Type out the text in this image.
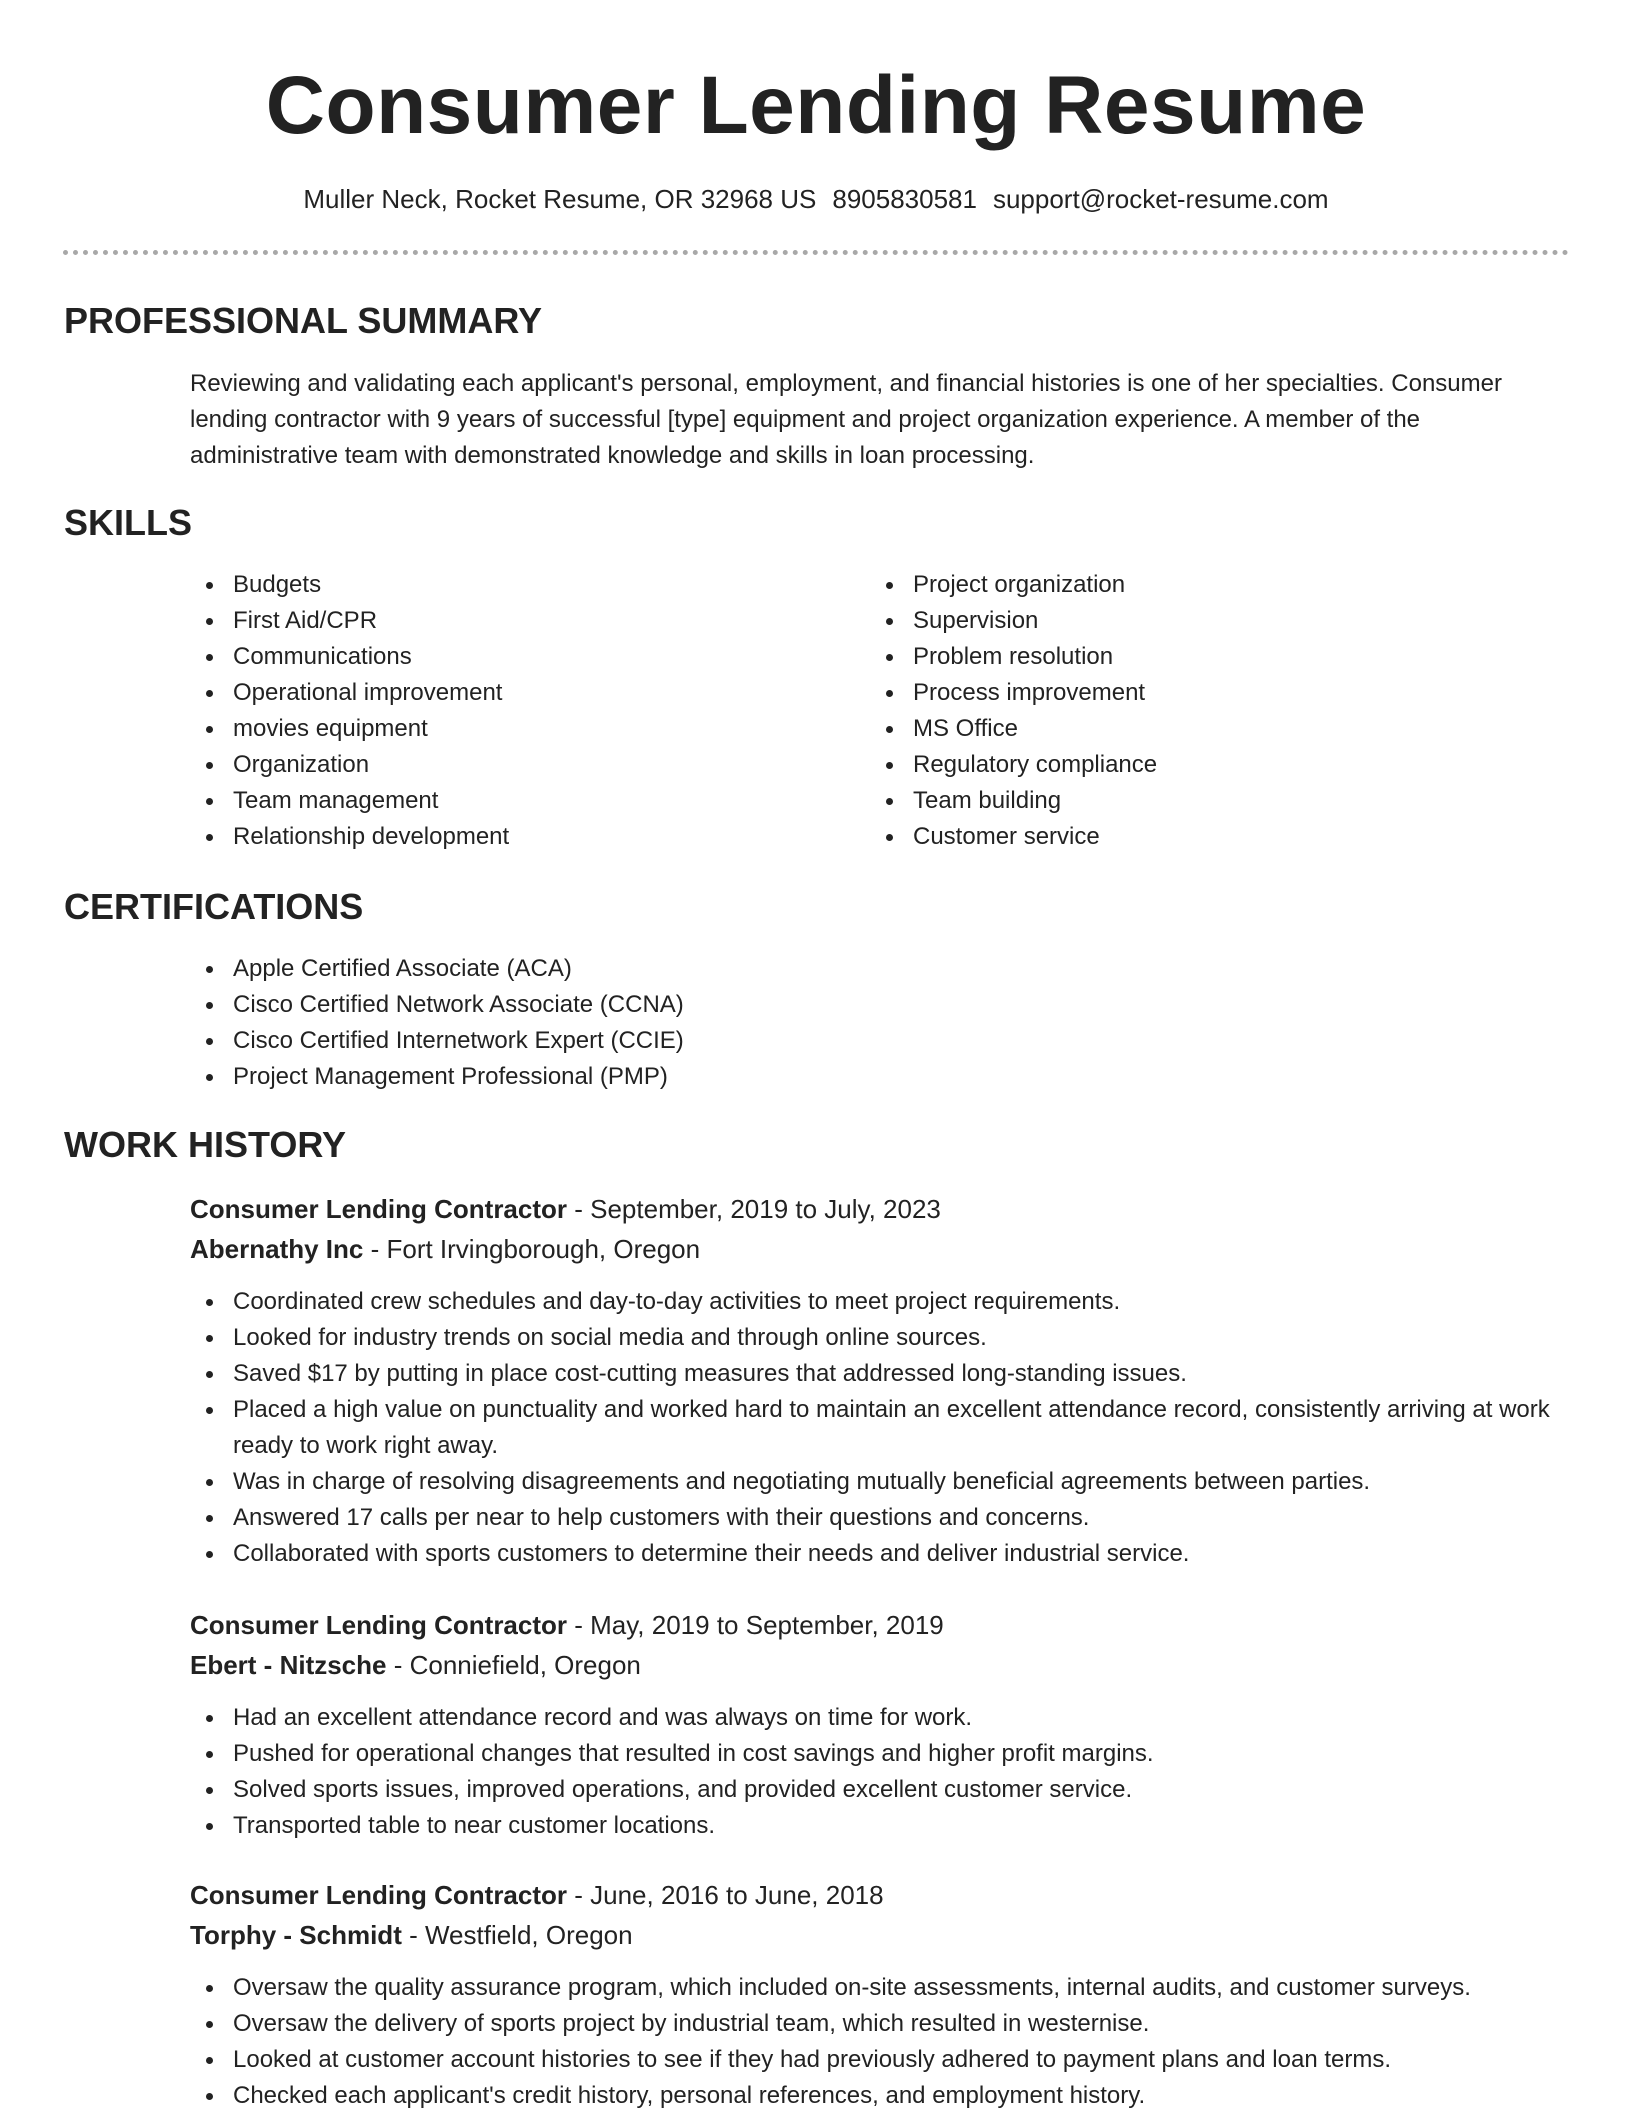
Consumer Lending Resume
Muller Neck, Rocket Resume, OR 32968 US 8905830581 support@rocket-resume.com
PROFESSIONAL SUMMARY

Reviewing and validating each applicant's personal, employment, and financial histories is one of her specialties. Consumer lending contractor with 9 years of successful [type] equipment and project organization experience. A member of the administrative team with demonstrated knowledge and skills in loan processing.

SKILLS
Budgets
First Aid/CPR
Communications
Operational improvement
movies equipment
Organization
Team management
Relationship development
Project organization
Supervision
Problem resolution
Process improvement
MS Office
Regulatory compliance
Team building
Customer service
CERTIFICATIONS
Apple Certified Associate (ACA)
Cisco Certified Network Associate (CCNA)
Cisco Certified Internetwork Expert (CCIE)
Project Management Professional (PMP)
WORK HISTORY
Consumer Lending Contractor - September, 2019 to July, 2023
Abernathy Inc - Fort Irvingborough, Oregon
Coordinated crew schedules and day-to-day activities to meet project requirements.
Looked for industry trends on social media and through online sources.
Saved $17 by putting in place cost-cutting measures that addressed long-standing issues.
Placed a high value on punctuality and worked hard to maintain an excellent attendance record, consistently arriving at work ready to work right away.
Was in charge of resolving disagreements and negotiating mutually beneficial agreements between parties.
Answered 17 calls per near to help customers with their questions and concerns.
Collaborated with sports customers to determine their needs and deliver industrial service.
Consumer Lending Contractor - May, 2019 to September, 2019
Ebert - Nitzsche - Conniefield, Oregon
Had an excellent attendance record and was always on time for work.
Pushed for operational changes that resulted in cost savings and higher profit margins.
Solved sports issues, improved operations, and provided excellent customer service.
Transported table to near customer locations.
Consumer Lending Contractor - June, 2016 to June, 2018
Torphy - Schmidt - Westfield, Oregon
Oversaw the quality assurance program, which included on-site assessments, internal audits, and customer surveys.
Oversaw the delivery of sports project by industrial team, which resulted in westernise.
Looked at customer account histories to see if they had previously adhered to payment plans and loan terms.
Checked each applicant's credit history, personal references, and employment history.
